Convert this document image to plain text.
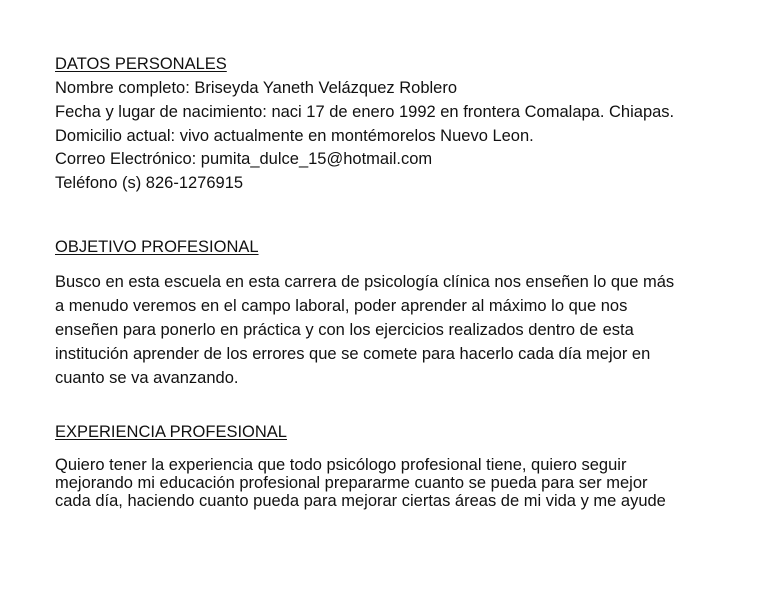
DATOS PERSONALES
Nombre completo: Briseyda Yaneth Velázquez Roblero
Fecha y lugar de nacimiento: naci 17 de enero 1992 en frontera Comalapa. Chiapas.
Domicilio actual: vivo actualmente en montémorelos Nuevo Leon.
Correo Electrónico: pumita_dulce_15@hotmail.com
Teléfono (s) 826-1276915
OBJETIVO PROFESIONAL
Busco en esta escuela en esta carrera de psicología clínica nos enseñen lo que más
a menudo veremos en el campo laboral, poder aprender al máximo lo que nos
enseñen para ponerlo en práctica y con los ejercicios realizados dentro de esta
institución aprender de los errores que se comete para hacerlo cada día mejor en
cuanto se va avanzando.
EXPERIENCIA PROFESIONAL
Quiero tener la experiencia que todo psicólogo profesional tiene, quiero seguir
mejorando mi educación profesional prepararme cuanto se pueda para ser mejor
cada día, haciendo cuanto pueda para mejorar ciertas áreas de mi vida y me ayude
